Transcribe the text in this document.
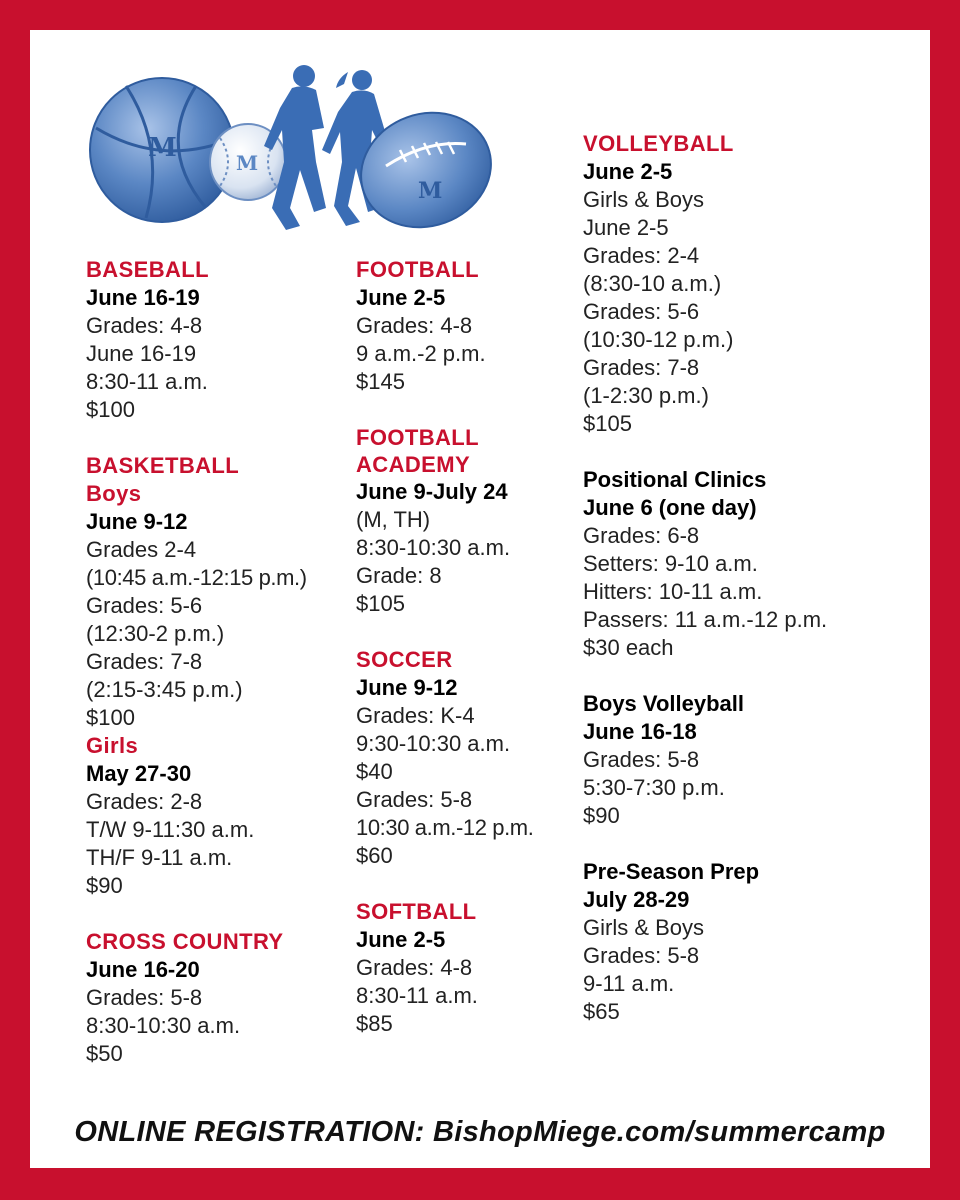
M	M
M
BASEBALL
June 16-19
Grades: 4-8
June 16-19
8:30-11 a.m.
$100
BASKETBALL
Boys
June 9-12
Grades 2-4
(10:45 a.m.-12:15 p.m.)
Grades: 5-6
(12:30-2 p.m.)
Grades: 7-8
(2:15-3:45 p.m.)
$100
Girls
May 27-30
Grades: 2-8
T/W 9-11:30 a.m.
TH/F 9-11 a.m.
$90
CROSS COUNTRY
June 16-20
Grades: 5-8
8:30-10:30 a.m.
$50
FOOTBALL
June 2-5
Grades: 4-8
9 a.m.-2 p.m.
$145
FOOTBALL
ACADEMY
June 9-July 24
(M, TH)
8:30-10:30 a.m.
Grade: 8
$105
SOCCER
June 9-12
Grades: K-4
9:30-10:30 a.m.
$40
Grades: 5-8
10:30 a.m.-12 p.m.
$60
SOFTBALL
June 2-5
Grades: 4-8
8:30-11 a.m.
$85
VOLLEYBALL
June 2-5
Girls & Boys
June 2-5
Grades: 2-4
(8:30-10 a.m.)
Grades: 5-6
(10:30-12 p.m.)
Grades: 7-8
(1-2:30 p.m.)
$105
Positional Clinics
June 6 (one day)
Grades: 6-8
Setters: 9-10 a.m.
Hitters: 10-11 a.m.
Passers: 11 a.m.-12 p.m.
$30 each
Boys Volleyball
June 16-18
Grades: 5-8
5:30-7:30 p.m.
$90
Pre-Season Prep
July 28-29
Girls & Boys
Grades: 5-8
9-11 a.m.
$65
ONLINE REGISTRATION: BishopMiege.com/summercamp
